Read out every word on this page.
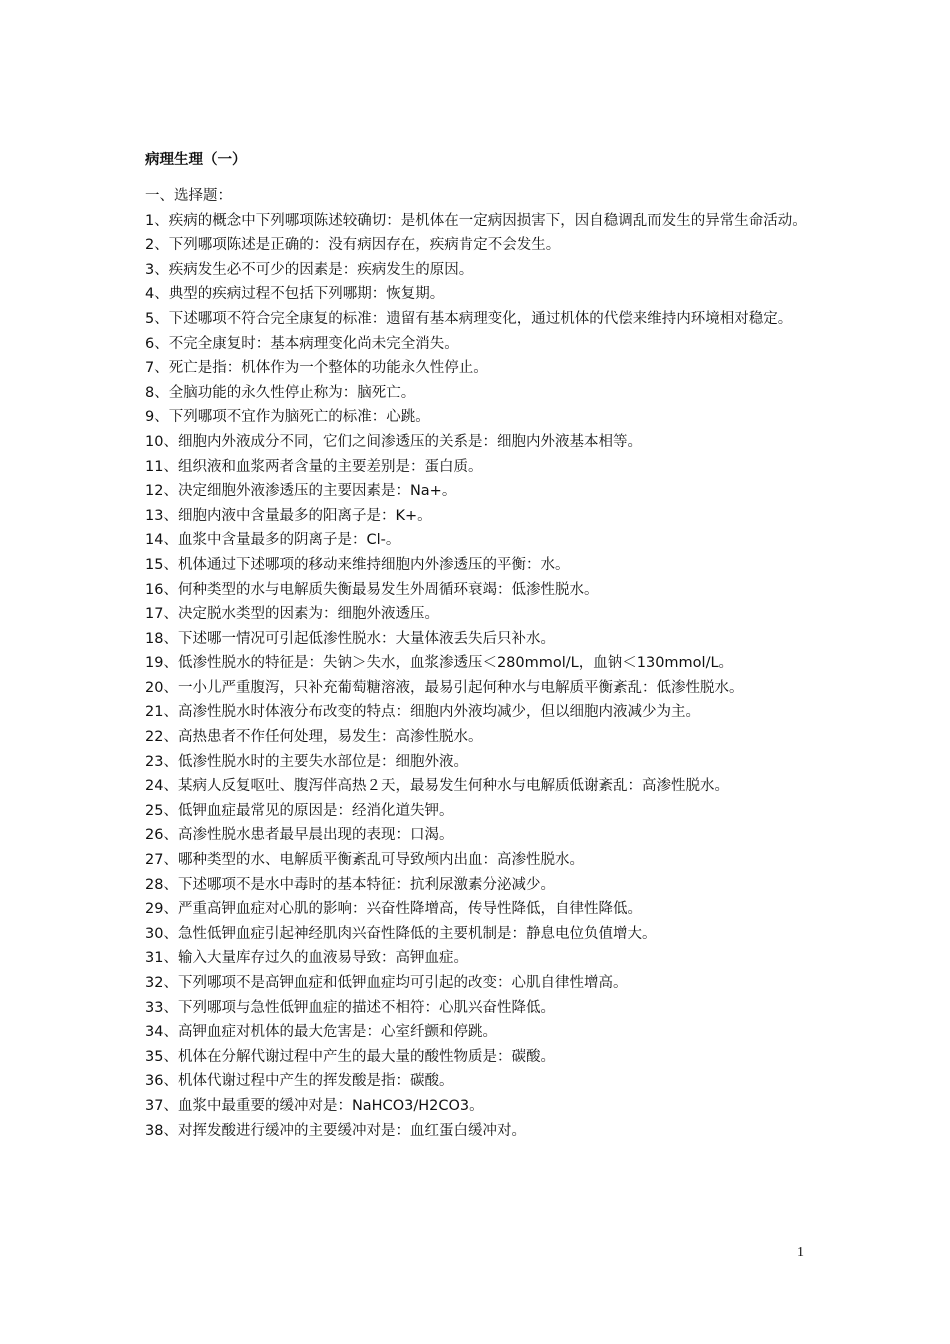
病理生理（一）
一、选择题：
1、疾病的概念中下列哪项陈述较确切：是机体在一定病因损害下，因自稳调乱而发生的异常生命活动。
2、下列哪项陈述是正确的：没有病因存在，疾病肯定不会发生。
3、疾病发生必不可少的因素是：疾病发生的原因。
4、典型的疾病过程不包括下列哪期：恢复期。
5、下述哪项不符合完全康复的标准：遗留有基本病理变化，通过机体的代偿来维持内环境相对稳定。
6、不完全康复时：基本病理变化尚未完全消失。
7、死亡是指：机体作为一个整体的功能永久性停止。
8、全脑功能的永久性停止称为：脑死亡。
9、下列哪项不宜作为脑死亡的标准：心跳。
10、细胞内外液成分不同，它们之间渗透压的关系是：细胞内外液基本相等。
11、组织液和血浆两者含量的主要差别是：蛋白质。
12、决定细胞外液渗透压的主要因素是：Na+。
13、细胞内液中含量最多的阳离子是：K+。
14、血浆中含量最多的阴离子是：Cl-。
15、机体通过下述哪项的移动来维持细胞内外渗透压的平衡：水。
16、何种类型的水与电解质失衡最易发生外周循环衰竭：低渗性脱水。
17、决定脱水类型的因素为：细胞外液透压。
18、下述哪一情况可引起低渗性脱水：大量体液丢失后只补水。
19、低渗性脱水的特征是：失钠＞失水，血浆渗透压＜280mmol/L，血钠＜130mmol/L。
20、一小儿严重腹泻，只补充葡萄糖溶液，最易引起何种水与电解质平衡紊乱：低渗性脱水。
21、高渗性脱水时体液分布改变的特点：细胞内外液均减少，但以细胞内液减少为主。
22、高热患者不作任何处理，易发生：高渗性脱水。
23、低渗性脱水时的主要失水部位是：细胞外液。
24、某病人反复呕吐、腹泻伴高热２天，最易发生何种水与电解质低谢紊乱：高渗性脱水。
25、低钾血症最常见的原因是：经消化道失钾。
26、高渗性脱水患者最早晨出现的表现：口渴。
27、哪种类型的水、电解质平衡紊乱可导致颅内出血：高渗性脱水。
28、下述哪项不是水中毒时的基本特征：抗利尿激素分泌减少。
29、严重高钾血症对心肌的影响：兴奋性降增高，传导性降低，自律性降低。
30、急性低钾血症引起神经肌肉兴奋性降低的主要机制是：静息电位负值增大。
31、输入大量库存过久的血液易导致：高钾血症。
32、下列哪项不是高钾血症和低钾血症均可引起的改变：心肌自律性增高。
33、下列哪项与急性低钾血症的描述不相符：心肌兴奋性降低。
34、高钾血症对机体的最大危害是：心室纤颤和停跳。
35、机体在分解代谢过程中产生的最大量的酸性物质是：碳酸。
36、机体代谢过程中产生的挥发酸是指：碳酸。
37、血浆中最重要的缓冲对是：NaHCO3/H2CO3。
38、对挥发酸进行缓冲的主要缓冲对是：血红蛋白缓冲对。
1
